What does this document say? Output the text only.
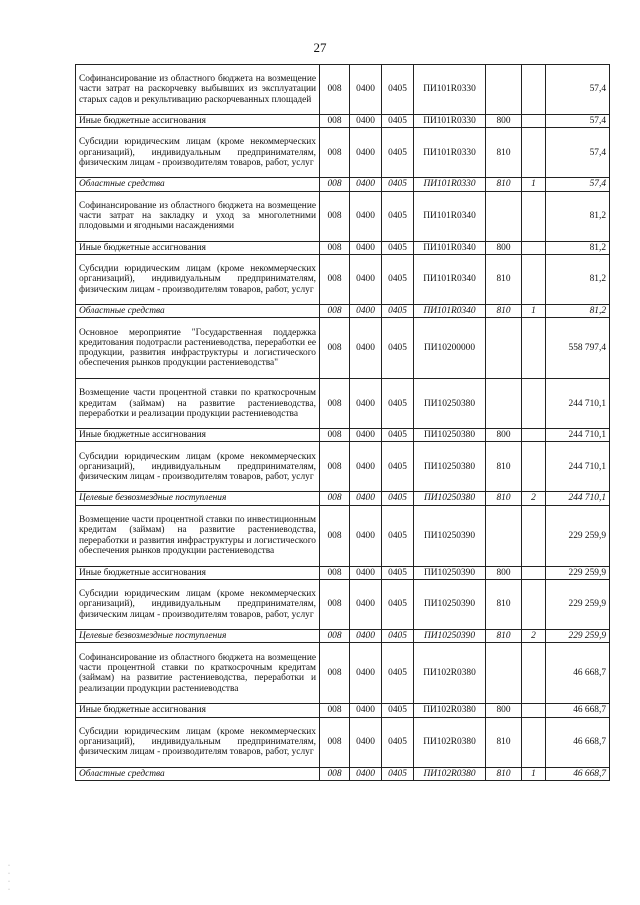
27
Софинансирование из областного бюджета на возмещение части затрат на раскорчевку выбывших из эксплуатации старых садов и рекультивацию раскорчеванных площадей	008	0400	0405	ПИ101R0330			57,4
Иные бюджетные ассигнования	008	0400	0405	ПИ101R0330	800		57,4
Субсидии юридическим лицам (кроме некоммерческих организаций), индивидуальным предпринимателям, физическим лицам - производителям товаров, работ, услуг	008	0400	0405	ПИ101R0330	810		57,4
Областные средства	008	0400	0405	ПИ101R0330	810	1	57,4
Софинансирование из областного бюджета на возмещение части затрат на закладку и уход за многолетними плодовыми и ягодными насаждениями	008	0400	0405	ПИ101R0340			81,2
Иные бюджетные ассигнования	008	0400	0405	ПИ101R0340	800		81,2
Субсидии юридическим лицам (кроме некоммерческих организаций), индивидуальным предпринимателям, физическим лицам - производителям товаров, работ, услуг	008	0400	0405	ПИ101R0340	810		81,2
Областные средства	008	0400	0405	ПИ101R0340	810	1	81,2
Основное мероприятие "Государственная поддержка кредитования подотрасли растениеводства, переработки ее продукции, развития инфраструктуры и логистического обеспечения рынков продукции растениеводства"	008	0400	0405	ПИ10200000			558 797,4
Возмещение части процентной ставки по краткосрочным кредитам (займам) на развитие растениеводства, переработки и реализации продукции растениеводства	008	0400	0405	ПИ10250380			244 710,1
Иные бюджетные ассигнования	008	0400	0405	ПИ10250380	800		244 710,1
Субсидии юридическим лицам (кроме некоммерческих организаций), индивидуальным предпринимателям, физическим лицам - производителям товаров, работ, услуг	008	0400	0405	ПИ10250380	810		244 710,1
Целевые безвозмездные поступления	008	0400	0405	ПИ10250380	810	2	244 710,1
Возмещение части процентной ставки по инвестиционным кредитам (займам) на развитие растениеводства, переработки и развития инфраструктуры и логистического обеспечения рынков продукции растениеводства	008	0400	0405	ПИ10250390			229 259,9
Иные бюджетные ассигнования	008	0400	0405	ПИ10250390	800		229 259,9
Субсидии юридическим лицам (кроме некоммерческих организаций), индивидуальным предпринимателям, физическим лицам - производителям товаров, работ, услуг	008	0400	0405	ПИ10250390	810		229 259,9
Целевые безвозмездные поступления	008	0400	0405	ПИ10250390	810	2	229 259,9
Софинансирование из областного бюджета на возмещение части процентной ставки по краткосрочным кредитам (займам) на развитие растениеводства, переработки и реализации продукции растениеводства	008	0400	0405	ПИ102R0380			46 668,7
Иные бюджетные ассигнования	008	0400	0405	ПИ102R0380	800		46 668,7
Субсидии юридическим лицам (кроме некоммерческих организаций), индивидуальным предпринимателям, физическим лицам - производителям товаров, работ, услуг	008	0400	0405	ПИ102R0380	810		46 668,7
Областные средства	008	0400	0405	ПИ102R0380	810	1	46 668,7
·
·
·
·
